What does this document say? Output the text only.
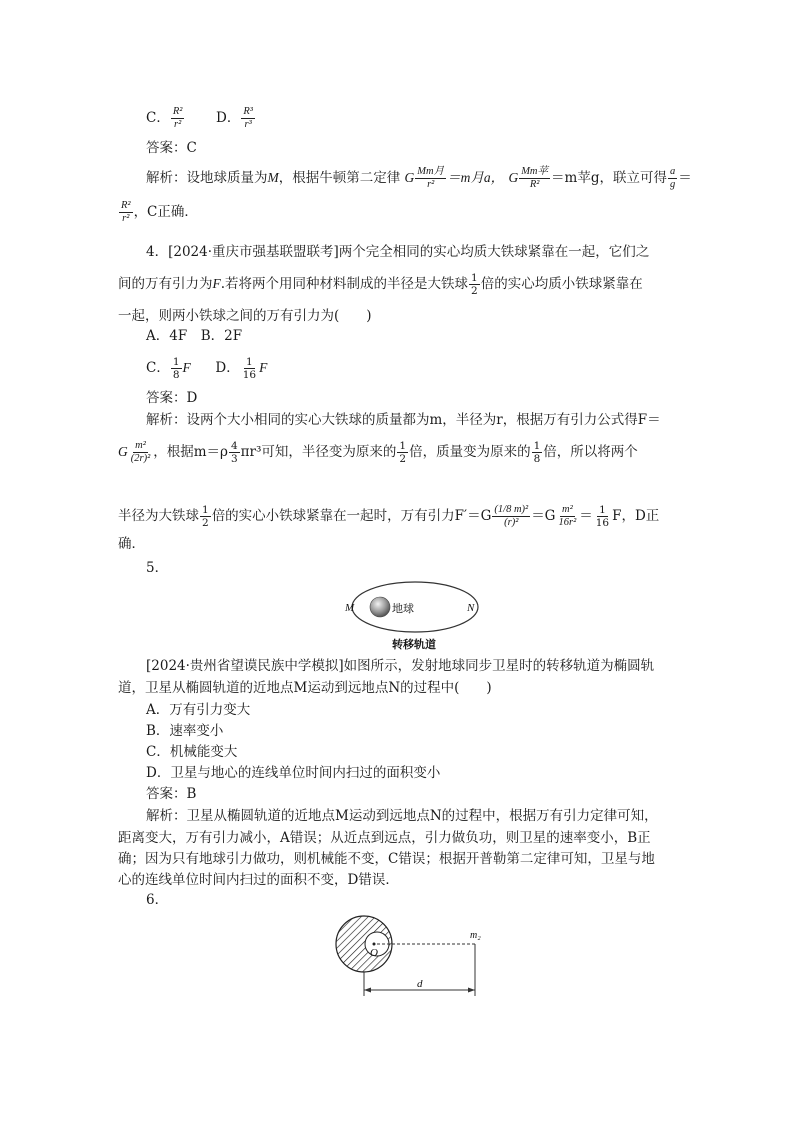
C． $\frac{\text{R²}}{\text{r²}}$ D． $\frac{\text{R³}}{\text{r³}}$
答案：C
解析：设地球质量为M，根据牛顿第二定律 G $\frac{\text{Mm月}}{\text{r²}} =m$月a， G $\frac{\text{Mm苹}}{\text{R²}} =m$苹g，联立可得 $\frac{a}{g}$ ＝
$\frac{\text{R²}}{\text{r²}}$ ，C正确．
4．[2024·重庆市强基联盟联考]两个完全相同的实心均质大铁球紧靠在一起，它们之
间的万有引力为F.若将两个用同种材料制成的半径是大铁球 $\frac{1}{2}$ 倍的实心均质小铁球紧靠在
一起，则两小铁球之间的万有引力为(　　)
A．4F　B．2F
C． $\frac{1}{8}$ F D． $\frac{1}{16}$ F
答案：D
解析：设两个大小相同的实心大铁球的质量都为m，半径为r，根据万有引力公式得F＝
G $\frac{\text{m²}}{\text{(2r)²}}$ ，根据$m=\rho \frac{4}{3} \pi r^3$可知，半径变为原来的 $\frac{1}{2}$ 倍，质量变为原来的 $\frac{1}{8}$ 倍，所以将两个
半径为大铁球 $\frac{1}{2}$ 倍的实心小铁球紧靠在一起时，万有引力$F'=G \frac{\text{(1/8 m)²}}{\text{(r)²}} =G \frac{\text{m²}}{\text{16r²}} = \frac{1}{16}$ F，D正
确．
5．
地球
M	N
转移轨道
[2024·贵州省望谟民族中学模拟]如图所示，发射地球同步卫星时的转移轨道为椭圆轨
道，卫星从椭圆轨道的近地点M运动到远地点N的过程中(　　)
A．万有引力变大
B．速率变小
C．机械能变大
D．卫星与地心的连线单位时间内扫过的面积变小
答案：B
解析：卫星从椭圆轨道的近地点M运动到远地点N的过程中，根据万有引力定律可知，
距离变大，万有引力减小，A错误；从近点到远点，引力做负功，则卫星的速率变小，B正
确；因为只有地球引力做功，则机械能不变，C错误；根据开普勒第二定律可知，卫星与地
心的连线单位时间内扫过的面积不变，D错误．
6．
O
m₂
d
